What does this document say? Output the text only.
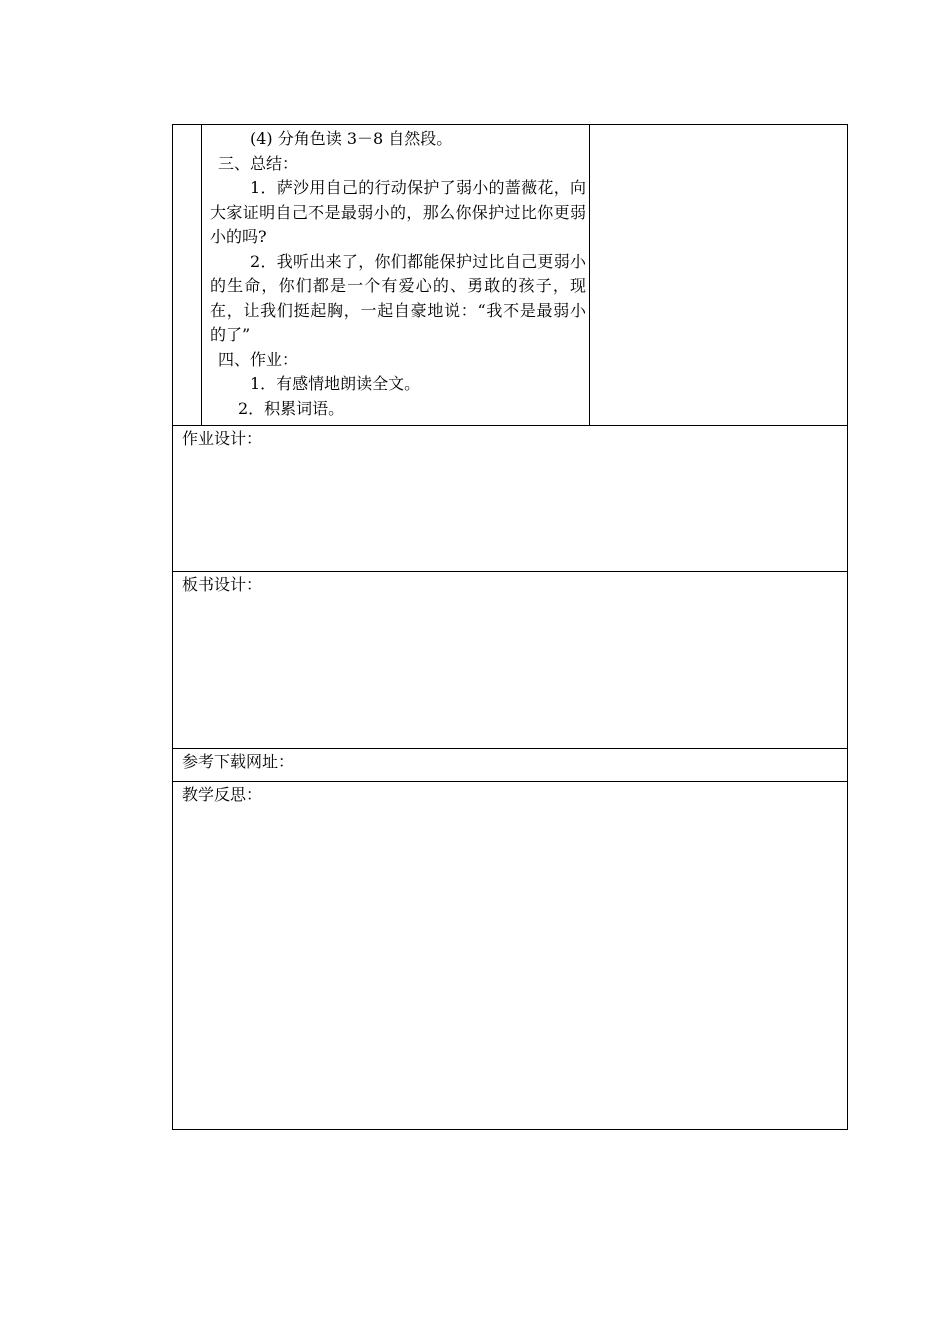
(4) 分角色读 3－8 自然段。

三、总结：

1．萨沙用自己的行动保护了弱小的蔷薇花，向大家证明自己不是最弱小的，那么你保护过比你更弱小的吗?

2．我听出来了，你们都能保护过比自己更弱小的生命，你们都是一个有爱心的、勇敢的孩子，现在，让我们挺起胸，一起自豪地说：“我不是最弱小的了”

四、作业：

1．有感情地朗读全文。

2．积累词语。

作业设计：
板书设计：
参考下载网址：
教学反思：
